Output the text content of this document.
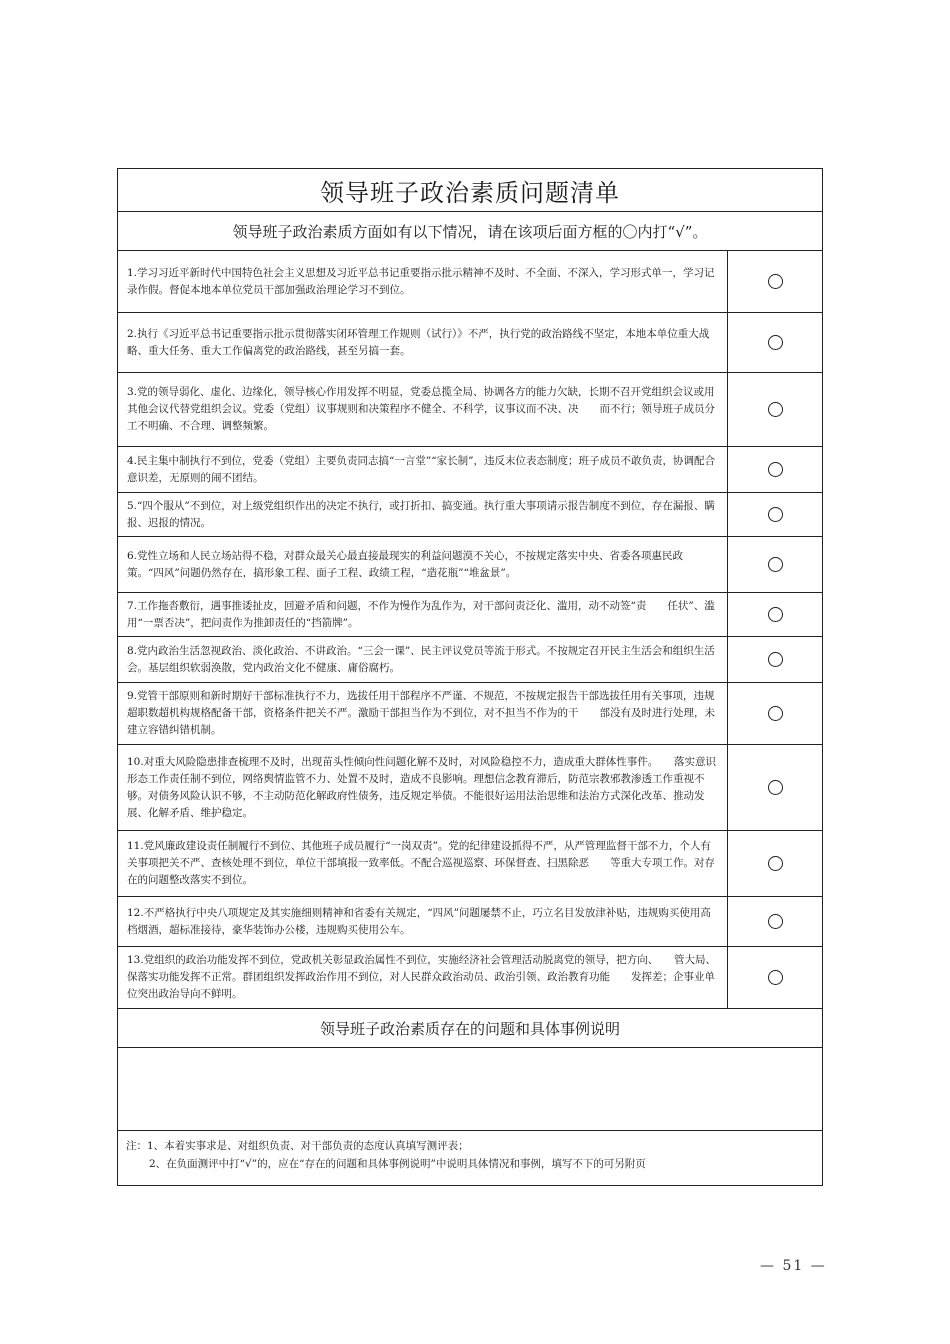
领导班子政治素质问题清单
领导班子政治素质方面如有以下情况，请在该项后面方框的〇内打“√”。
1.学习习近平新时代中国特色社会主义思想及习近平总书记重要指示批示精神不及时、不全面、不深入，学习形式单一，学习记录作假。督促本地本单位党员干部加强政治理论学习不到位。
2.执行《习近平总书记重要指示批示贯彻落实闭环管理工作规则（试行）》不严，执行党的政治路线不坚定，本地本单位重大战略、重大任务、重大工作偏离党的政治路线，甚至另搞一套。
3.党的领导弱化、虚化、边缘化，领导核心作用发挥不明显，党委总揽全局、协调各方的能力欠缺，长期不召开党组织会议或用其他会议代替党组织会议。党委（党组）议事规则和决策程序不健全、不科学，议事议而不决、决　　而不行；领导班子成员分工不明确、不合理、调整频繁。
4.民主集中制执行不到位，党委（党组）主要负责同志搞“一言堂”“家长制”，违反末位表态制度；班子成员不敢负责，协调配合意识差，无原则的闹不团结。
5.“四个服从”不到位，对上级党组织作出的决定不执行，或打折扣、搞变通。执行重大事项请示报告制度不到位，存在漏报、瞒报、迟报的情况。
6.党性立场和人民立场站得不稳，对群众最关心最直接最现实的利益问题漠不关心，不按规定落实中央、省委各项惠民政策。“四风”问题仍然存在，搞形象工程、面子工程、政绩工程，“造花瓶”“堆盆景”。
7.工作拖沓敷衍，遇事推诿扯皮，回避矛盾和问题，不作为慢作为乱作为，对干部问责泛化、滥用，动不动签“责　　任状”、滥用“一票否决”，把问责作为推卸责任的“挡箭牌”。
8.党内政治生活忽视政治、淡化政治、不讲政治。“三会一课”、民主评议党员等流于形式。不按规定召开民主生活会和组织生活会。基层组织软弱涣散，党内政治文化不健康、庸俗腐朽。
9.党管干部原则和新时期好干部标准执行不力，选拔任用干部程序不严谨、不规范，不按规定报告干部选拔任用有关事项，违规超职数超机构规格配备干部，资格条件把关不严。激励干部担当作为不到位，对不担当不作为的干　　部没有及时进行处理，未建立容错纠错机制。
10.对重大风险隐患排查梳理不及时，出现苗头性倾向性问题化解不及时，对风险稳控不力，造成重大群体性事件。　　落实意识形态工作责任制不到位，网络舆情监管不力、处置不及时，造成不良影响。理想信念教育滞后，防范宗教邪教渗透工作重视不够。对债务风险认识不够，不主动防范化解政府性债务，违反规定举债。不能很好运用法治思维和法治方式深化改革、推动发展、化解矛盾、维护稳定。
11.党风廉政建设责任制履行不到位、其他班子成员履行“一岗双责”。党的纪律建设抓得不严，从严管理监督干部不力，个人有关事项把关不严、查核处理不到位，单位干部填报一致率低。不配合巡视巡察、环保督查、扫黑除恶　　等重大专项工作。对存在的问题整改落实不到位。
12.不严格执行中央八项规定及其实施细则精神和省委有关规定，“四风”问题屡禁不止，巧立名目发放津补贴，违规购买使用高档烟酒，超标准接待，豪华装饰办公楼，违规购买使用公车。
13.党组织的政治功能发挥不到位，党政机关彰显政治属性不到位，实施经济社会管理活动脱离党的领导，把方向、　　管大局、保落实功能发挥不正常。群团组织发挥政治作用不到位，对人民群众政治动员、政治引领、政治教育功能　　发挥差；企事业单位突出政治导向不鲜明。
领导班子政治素质存在的问题和具体事例说明
注：1、本着实事求是、对组织负责、对干部负责的态度认真填写测评表；
2、在负面测评中打“√”的，应在“存在的问题和具体事例说明”中说明具体情况和事例，填写不下的可另附页
— 51 —
